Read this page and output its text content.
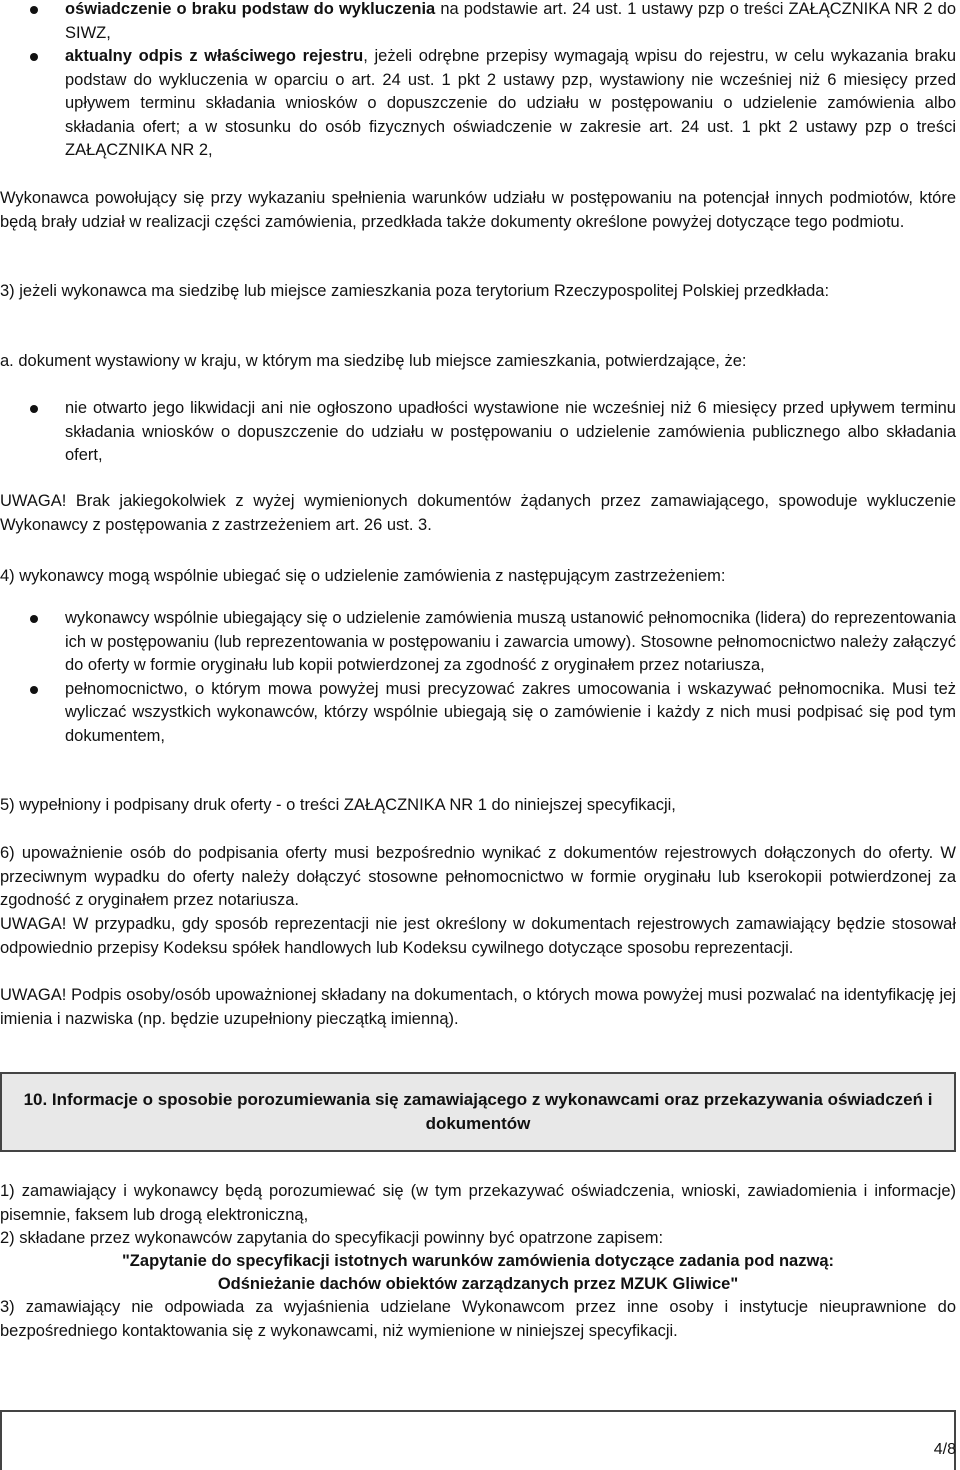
oświadczenie o braku podstaw do wykluczenia na podstawie art. 24 ust. 1 ustawy pzp o treści ZAŁĄCZNIKA NR 2 do SIWZ,
aktualny odpis z właściwego rejestru, jeżeli odrębne przepisy wymagają wpisu do rejestru, w celu wykazania braku podstaw do wykluczenia w oparciu o art. 24 ust. 1 pkt 2 ustawy pzp, wystawiony nie wcześniej niż 6 miesięcy przed upływem terminu składania wniosków o dopuszczenie do udziału w postępowaniu o udzielenie zamówienia albo składania ofert; a w stosunku do osób fizycznych oświadczenie w zakresie art. 24 ust. 1 pkt 2 ustawy pzp o treści ZAŁĄCZNIKA NR 2,

Wykonawca powołujący się przy wykazaniu spełnienia warunków udziału w postępowaniu na potencjał innych podmiotów, które będą brały udział w realizacji części zamówienia, przedkłada także dokumenty określone powyżej dotyczące tego podmiotu.

3) jeżeli wykonawca ma siedzibę lub miejsce zamieszkania poza terytorium Rzeczypospolitej Polskiej przedkłada:

a. dokument wystawiony w kraju, w którym ma siedzibę lub miejsce zamieszkania, potwierdzające, że:

nie otwarto jego likwidacji ani nie ogłoszono upadłości wystawione nie wcześniej niż 6 miesięcy przed upływem terminu składania wniosków o dopuszczenie do udziału w postępowaniu o udzielenie zamówienia publicznego albo składania ofert,

UWAGA! Brak jakiegokolwiek z wyżej wymienionych dokumentów żądanych przez zamawiającego, spowoduje wykluczenie Wykonawcy z postępowania z zastrzeżeniem art. 26 ust. 3.

4) wykonawcy mogą wspólnie ubiegać się o udzielenie zamówienia z następującym zastrzeżeniem:

wykonawcy wspólnie ubiegający się o udzielenie zamówienia muszą ustanowić pełnomocnika (lidera) do reprezentowania ich w postępowaniu (lub reprezentowania w postępowaniu i zawarcia umowy). Stosowne pełnomocnictwo należy załączyć do oferty w formie oryginału lub kopii potwierdzonej za zgodność z oryginałem przez notariusza,
pełnomocnictwo, o którym mowa powyżej musi precyzować zakres umocowania i wskazywać pełnomocnika. Musi też wyliczać wszystkich wykonawców, którzy wspólnie ubiegają się o zamówienie i każdy z nich musi podpisać się pod tym dokumentem,

5) wypełniony i podpisany druk oferty - o treści ZAŁĄCZNIKA NR 1 do niniejszej specyfikacji,

6) upoważnienie osób do podpisania oferty musi bezpośrednio wynikać z dokumentów rejestrowych dołączonych do oferty. W przeciwnym wypadku do oferty należy dołączyć stosowne pełnomocnictwo w formie oryginału lub kserokopii potwierdzonej za zgodność z oryginałem przez notariusza.

UWAGA! W przypadku, gdy sposób reprezentacji nie jest określony w dokumentach rejestrowych zamawiający będzie stosował odpowiednio przepisy Kodeksu spółek handlowych lub Kodeksu cywilnego dotyczące sposobu reprezentacji.

UWAGA! Podpis osoby/osób upoważnionej składany na dokumentach, o których mowa powyżej musi pozwalać na identyfikację jej imienia i nazwiska (np. będzie uzupełniony pieczątką imienną).

10. Informacje o sposobie porozumiewania się zamawiającego z wykonawcami oraz przekazywania oświadczeń i dokumentów

1) zamawiający i wykonawcy będą porozumiewać się (w tym przekazywać oświadczenia, wnioski, zawiadomienia i informacje) pisemnie, faksem lub drogą elektroniczną,

2) składane przez wykonawców zapytania do specyfikacji powinny być opatrzone zapisem:

"Zapytanie do specyfikacji istotnych warunków zamówienia dotyczące zadania pod nazwą:

Odśnieżanie dachów obiektów zarządzanych przez MZUK Gliwice"

3) zamawiający nie odpowiada za wyjaśnienia udzielane Wykonawcom przez inne osoby i instytucje nieuprawnione do bezpośredniego kontaktowania się z wykonawcami, niż wymienione w niniejszej specyfikacji.

4/8
